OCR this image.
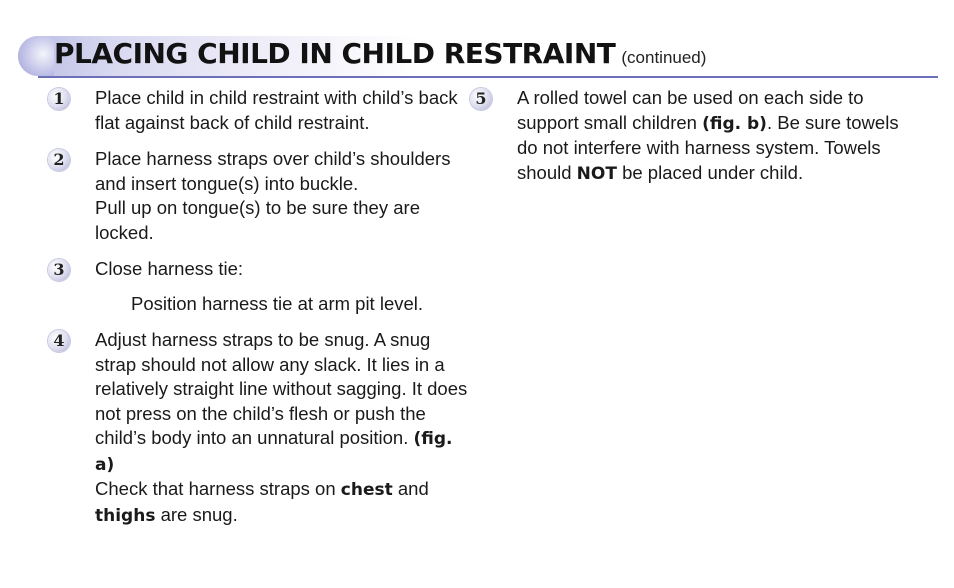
PLACING CHILD IN CHILD RESTRAINT (continued)
1 Place child in child restraint with child’s back flat against back of child restraint.

2 Place harness straps over child’s shoulders and insert tongue(s) into buckle.

Pull up on tongue(s) to be sure they are locked.

3 Close harness tie:

Position harness tie at arm pit level.

4 Adjust harness straps to be snug. A snug strap should not allow any slack. It lies in a relatively straight line without sagging. It does not press on the child’s flesh or push the child’s body into an unnatural position. (fig. a)

Check that harness straps on chest and thighs are snug.

5 A rolled towel can be used on each side to support small children (fig. b). Be sure towels do not interfere with harness system. Towels should NOT be placed under child.
